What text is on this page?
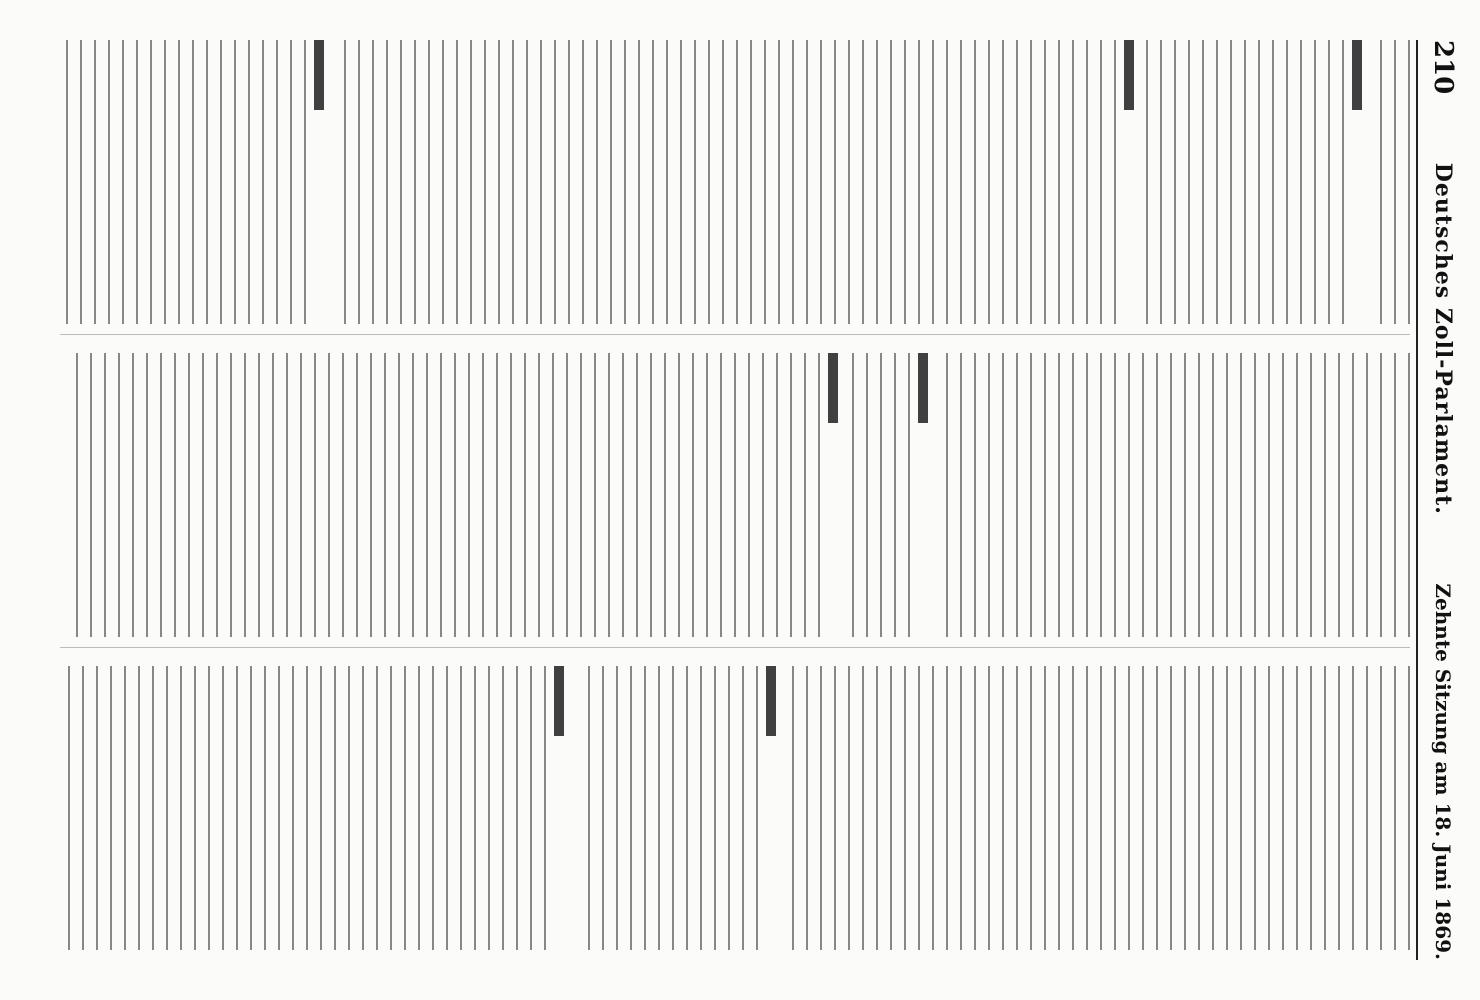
210
Deutsches Zoll-Parlament.
Zehnte Sitzung am 18. Juni 1869.
